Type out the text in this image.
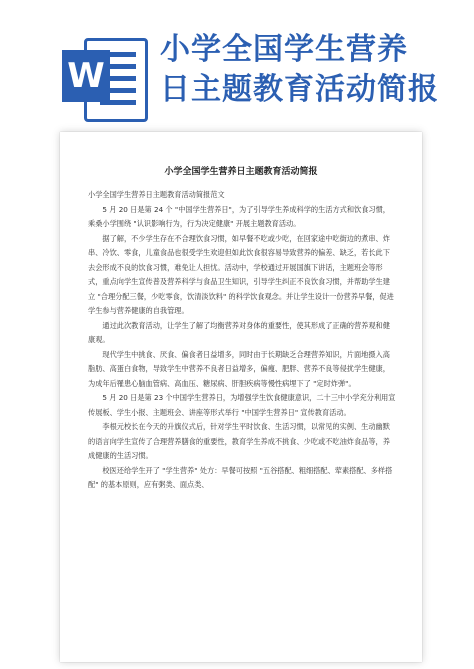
W
小学全国学生营养
日主题教育活动简报
小学全国学生营养日主题教育活动简报

小学全国学生营养日主题教育活动简报范文

5 月 20 日是第 24 个 "中国学生营养日"，为了引导学生养成科学的生活方式和饮食习惯，乘桑小学围绕 "认识影响行为，行为决定健康" 开展主题教育活动。

据了解，不少学生存在不合理饮食习惯，如早餐不吃或少吃，在回家途中吃街边的煮串、炸串、冷饮、零食，儿童食品也很受学生欢迎但如此饮食很容易导致营养的偏差、缺乏，若长此下去会形成不良的饮食习惯，难免让人担忧。活动中，学校通过开展国旗下讲话，主题班会等形式，重点向学生宣传普及营养科学与食品卫生知识，引导学生纠正不良饮食习惯，并帮助学生建立 "合理分配三餐，少吃零食，饮清淡饮料" 的科学饮食观念。并让学生设计一份营养早餐，促进学生参与营养健康的自我管理。

通过此次教育活动，让学生了解了均衡营养对身体的重要性，使其形成了正确的营养观和健康观。

现代学生中挑食、厌食、偏食者日益增多，同时由于长期缺乏合理营养知识，片面地摄入高脂肪、高蛋白食物，导致学生中营养不良者日益增多，偏瘦、肥胖、营养不良等侵扰学生健康，为成年后罹患心脑血管病、高血压、糖尿病、肝胆疾病等慢性病埋下了 "定时炸弹"。

5 月 20 日是第 23 个中国学生营养日，为增强学生饮食健康意识，二十三中小学充分利用宣传展板、学生小报、主题班会、讲座等形式举行 "中国学生营养日" 宣传教育活动。

李根元校长在今天的升旗仪式后，针对学生平时饮食、生活习惯，以常见的实例、生动幽默的语言向学生宣传了合理营养膳食的重要性，教育学生养成不挑食、少吃或不吃油炸食品等，养成健康的生活习惯。

校医还给学生开了 "学生营养" 处方：早餐可按照 "五谷搭配、粗细搭配、荤素搭配、多样搭配" 的基本原则，应有粥类、面点类、
